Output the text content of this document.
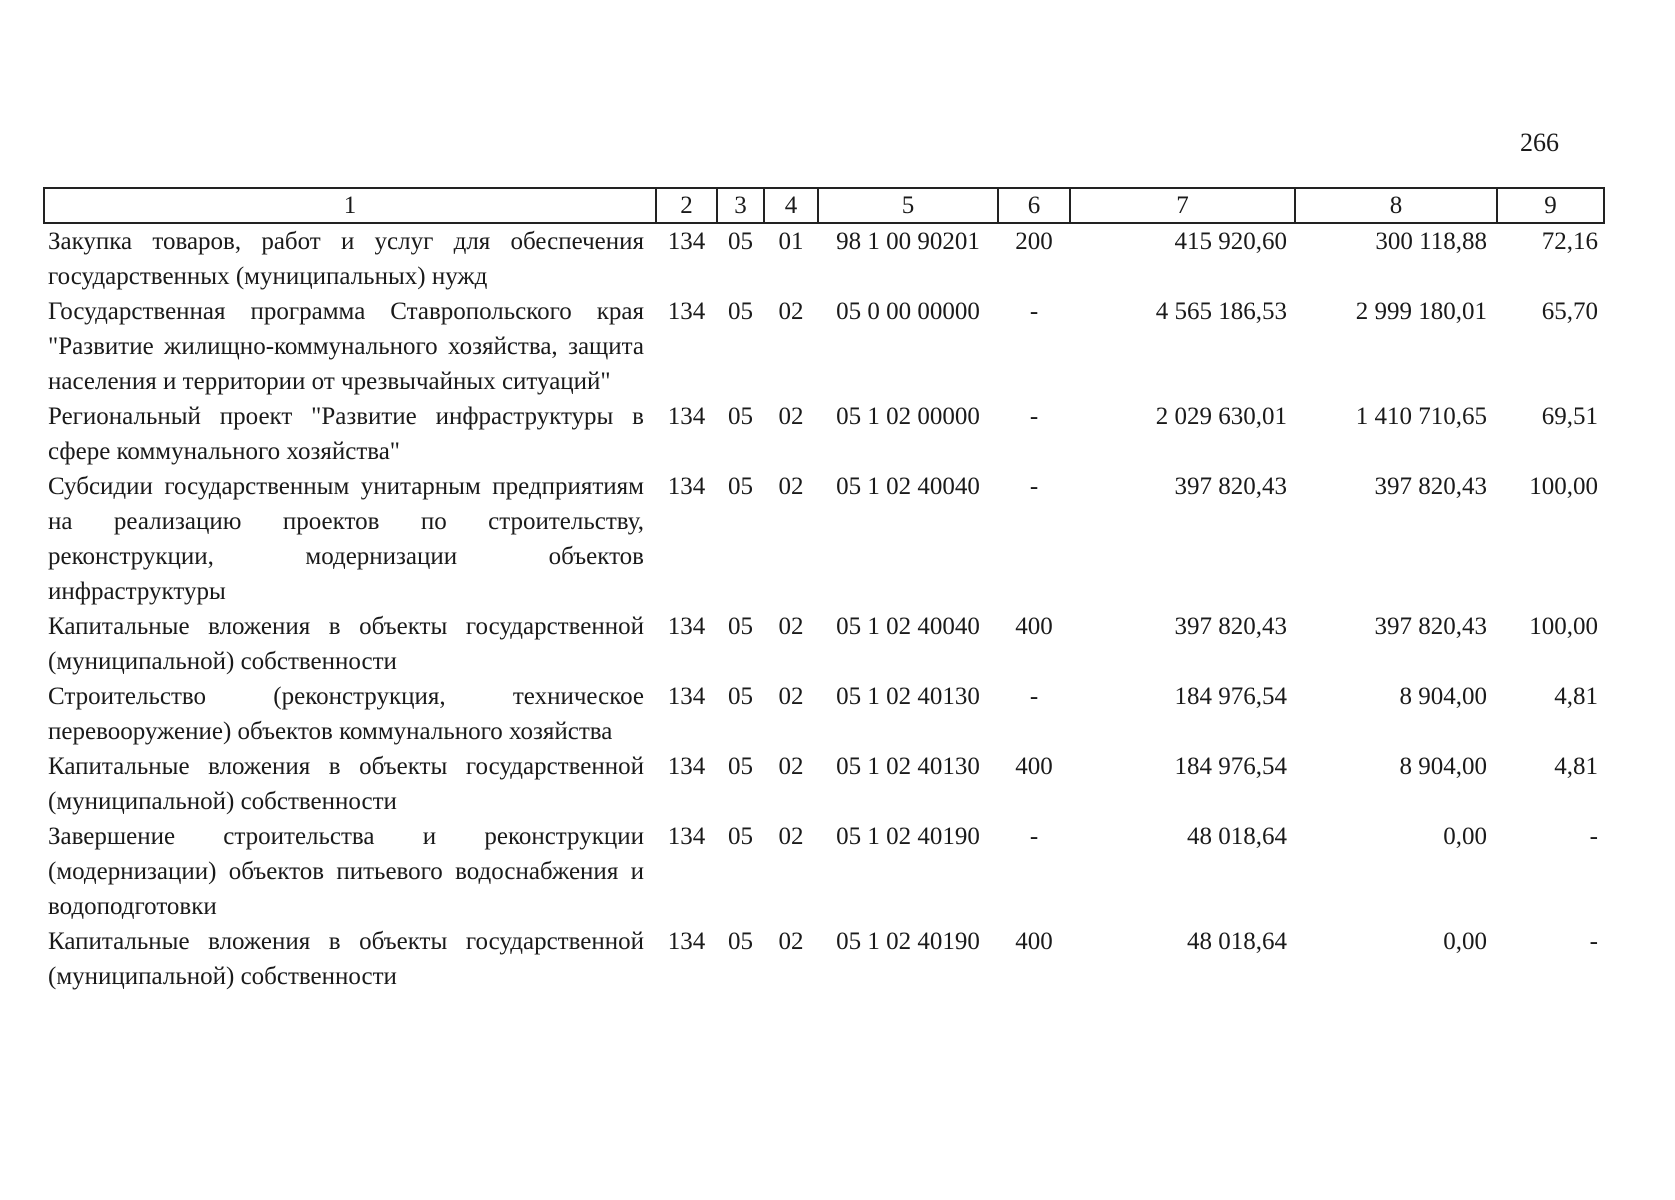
266
1	2	3	4	5	6	7	8	9
Закупка товаров, работ и услуг для обеспечения государственных (муниципальных) нужд	134	05	01	98 1 00 90201	200	415 920,60	300 118,88	72,16
Государственная программа Ставропольского края "Развитие жилищно-коммунального хозяйства, защита населения и территории от чрезвычайных ситуаций"	134	05	02	05 0 00 00000	-	4 565 186,53	2 999 180,01	65,70
Региональный проект "Развитие инфраструктуры в сфере коммунального хозяйства"	134	05	02	05 1 02 00000	-	2 029 630,01	1 410 710,65	69,51
Субсидии государственным унитарным предприятиям на реализацию проектов по строительству, реконструкции, модернизации объектов инфраструктуры	134	05	02	05 1 02 40040	-	397 820,43	397 820,43	100,00
Капитальные вложения в объекты государственной (муниципальной) собственности	134	05	02	05 1 02 40040	400	397 820,43	397 820,43	100,00
Строительство (реконструкция, техническое перевооружение) объектов коммунального хозяйства	134	05	02	05 1 02 40130	-	184 976,54	8 904,00	4,81
Капитальные вложения в объекты государственной (муниципальной) собственности	134	05	02	05 1 02 40130	400	184 976,54	8 904,00	4,81
Завершение строительства и реконструкции (модернизации) объектов питьевого водоснабжения и водоподготовки	134	05	02	05 1 02 40190	-	48 018,64	0,00	-
Капитальные вложения в объекты государственной (муниципальной) собственности	134	05	02	05 1 02 40190	400	48 018,64	0,00	-
